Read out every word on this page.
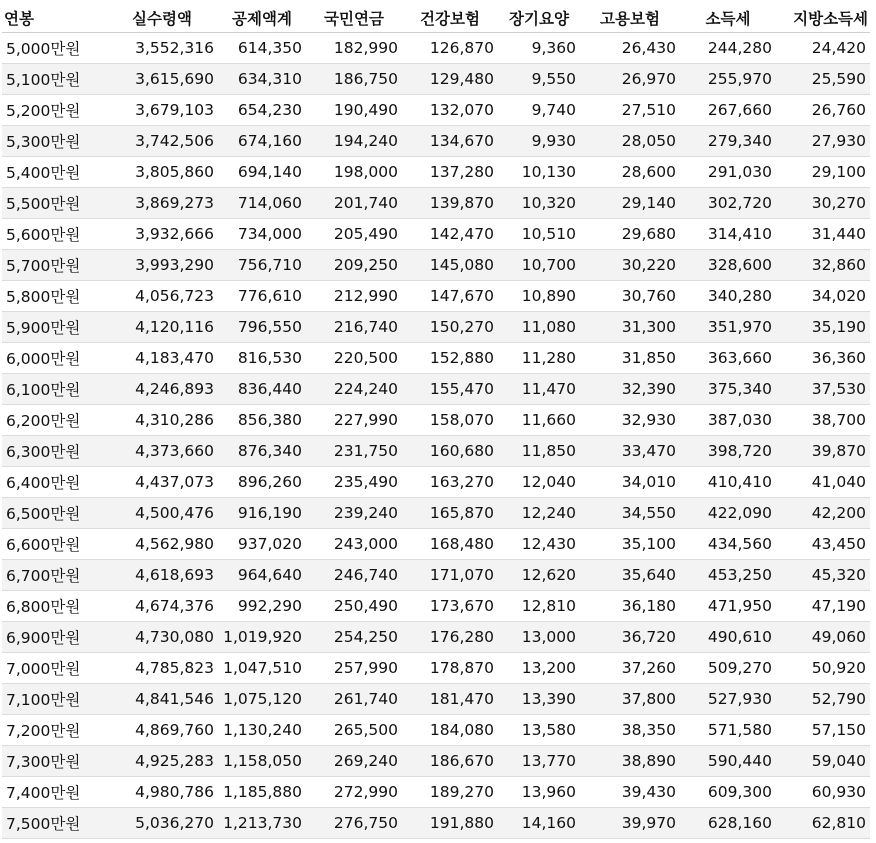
연봉	실수령액	공제액계	국민연금	건강보험	장기요양	고용보험	소득세	지방소득세
5,000만원	3,552,316	614,350	182,990	126,870	9,360	26,430	244,280	24,420
5,100만원	3,615,690	634,310	186,750	129,480	9,550	26,970	255,970	25,590
5,200만원	3,679,103	654,230	190,490	132,070	9,740	27,510	267,660	26,760
5,300만원	3,742,506	674,160	194,240	134,670	9,930	28,050	279,340	27,930
5,400만원	3,805,860	694,140	198,000	137,280	10,130	28,600	291,030	29,100
5,500만원	3,869,273	714,060	201,740	139,870	10,320	29,140	302,720	30,270
5,600만원	3,932,666	734,000	205,490	142,470	10,510	29,680	314,410	31,440
5,700만원	3,993,290	756,710	209,250	145,080	10,700	30,220	328,600	32,860
5,800만원	4,056,723	776,610	212,990	147,670	10,890	30,760	340,280	34,020
5,900만원	4,120,116	796,550	216,740	150,270	11,080	31,300	351,970	35,190
6,000만원	4,183,470	816,530	220,500	152,880	11,280	31,850	363,660	36,360
6,100만원	4,246,893	836,440	224,240	155,470	11,470	32,390	375,340	37,530
6,200만원	4,310,286	856,380	227,990	158,070	11,660	32,930	387,030	38,700
6,300만원	4,373,660	876,340	231,750	160,680	11,850	33,470	398,720	39,870
6,400만원	4,437,073	896,260	235,490	163,270	12,040	34,010	410,410	41,040
6,500만원	4,500,476	916,190	239,240	165,870	12,240	34,550	422,090	42,200
6,600만원	4,562,980	937,020	243,000	168,480	12,430	35,100	434,560	43,450
6,700만원	4,618,693	964,640	246,740	171,070	12,620	35,640	453,250	45,320
6,800만원	4,674,376	992,290	250,490	173,670	12,810	36,180	471,950	47,190
6,900만원	4,730,080	1,019,920	254,250	176,280	13,000	36,720	490,610	49,060
7,000만원	4,785,823	1,047,510	257,990	178,870	13,200	37,260	509,270	50,920
7,100만원	4,841,546	1,075,120	261,740	181,470	13,390	37,800	527,930	52,790
7,200만원	4,869,760	1,130,240	265,500	184,080	13,580	38,350	571,580	57,150
7,300만원	4,925,283	1,158,050	269,240	186,670	13,770	38,890	590,440	59,040
7,400만원	4,980,786	1,185,880	272,990	189,270	13,960	39,430	609,300	60,930
7,500만원	5,036,270	1,213,730	276,750	191,880	14,160	39,970	628,160	62,810
